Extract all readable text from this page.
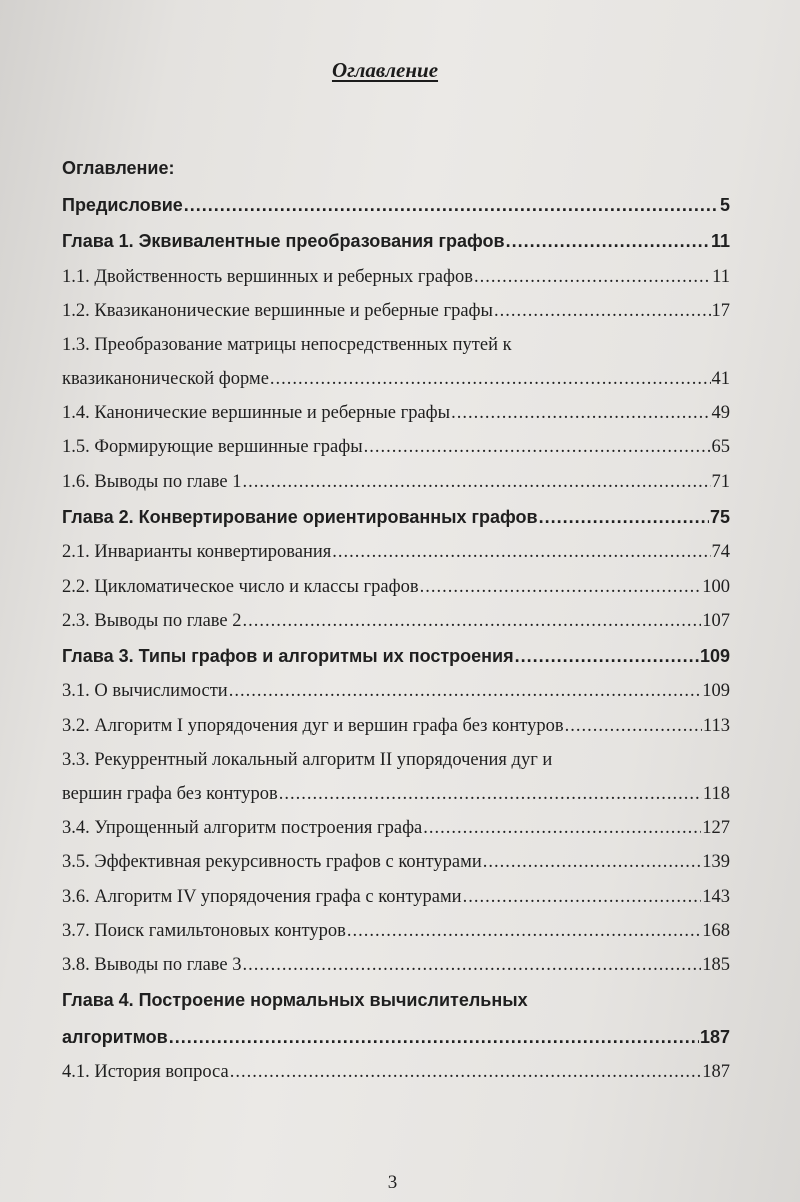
Оглавление
Оглавление:
Предисловие .....	5
Глава 1. Эквивалентные преобразования графов .....	11
1.1. Двойственность вершинных и реберных графов .....	11
1.2. Квазиканонические вершинные и реберные графы .....	17
1.3. Преобразование матрицы непосредственных путей к
квазиканонической форме .....	41
1.4. Канонические вершинные и реберные графы .....	49
1.5. Формирующие вершинные графы .....	65
1.6. Выводы по главе 1 .....	71
Глава 2. Конвертирование ориентированных графов .....	75
2.1. Инварианты конвертирования .....	74
2.2. Цикломатическое число и классы графов .....	100
2.3. Выводы по главе 2 .....	107
Глава 3. Типы графов и алгоритмы их построения .....	109
3.1. О вычислимости .....	109
3.2. Алгоритм I упорядочения дуг и вершин графа без контуров .....	113
3.3. Рекуррентный локальный алгоритм II упорядочения дуг и
вершин графа без контуров .....	118
3.4. Упрощенный алгоритм построения графа .....	127
3.5. Эффективная рекурсивность графов с контурами .....	139
3.6. Алгоритм IV упорядочения графа с контурами .....	143
3.7. Поиск гамильтоновых контуров .....	168
3.8. Выводы по главе 3 .....	185
Глава 4. Построение нормальных вычислительных
алгоритмов .....	187
4.1. История вопроса .....	187
3
